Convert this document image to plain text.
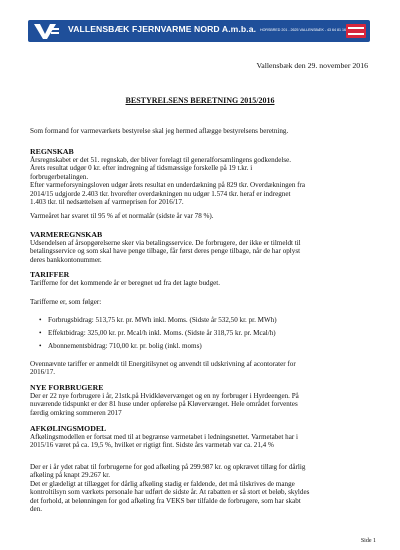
VALLENSBÆK FJERNVARME NORD A.m.b.a. HORSBRED 201 - 2625 VALLENSBÆK - 43 64 81 16
Vallensbæk den 29. november 2016
BESTYRELSENS BERETNING 2015/2016
Som formand for varmeværkets bestyrelse skal jeg hermed aflægge bestyrelsens beretning.
REGNSKAB
Årsregnskabet er det 51. regnskab, der bliver forelagt til generalforsamlingens godkendelse.
Årets resultat udgør 0 kr. efter indregning af tidsmæssige forskelle på 19 t.kr. i
forbrugerbetalingen.
Efter varmeforsyningsloven udgør årets resultat en underdækning på 829 tkr. Overdækningen fra
2014/15 udgjorde 2.403 tkr. hvorefter overdækningen nu udgør 1.574 tkr. heraf er indregnet
1.403 tkr. til nedsættelsen af varmeprisen for 2016/17.
Varmeåret har svaret til 95 % af et normalår (sidste år var 78 %).
VARMEREGNSKAB
Udsendelsen af årsopgørelserne sker via betalingsservice. De forbrugere, der ikke er tilmeldt til
betalingsservice og som skal have penge tilbage, får først deres penge tilbage, når de har oplyst
deres bankkontonummer.
TARIFFER
Tarifferne for det kommende år er beregnet ud fra det lagte budget.
Tarifferne er, som følger:
• Forbrugsbidrag: 513,75 kr. pr. MWh inkl. Moms. (Sidste år 532,50 kr. pr. MWh)
• Effektbidrag: 325,00 kr. pr. Mcal/h inkl. Moms. (Sidste år 318,75 kr. pr. Mcal/h)
• Abonnementsbidrag: 710,00 kr. pr. bolig (inkl. moms)
Ovennævnte tariffer er anmeldt til Energitilsynet og anvendt til udskrivning af acontorater for
2016/17.
NYE FORBRUGERE
Der er 22 nye forbrugere i år, 21stk.på Hvidkløvervænget og en ny forbruger i Hyrdeengen. På
nuværende tidspunkt er der 81 huse under opførelse på Kløvervænget. Hele området forventes
færdig omkring sommeren 2017
AFKØLINGSMODEL
Afkølingsmodellen er fortsat med til at begrænse varmetabet i ledningsnettet. Varmetabet har i
2015/16 været på ca. 19,5 %, hvilket er rigtigt fint. Sidste års varmetab var ca. 21,4 %
Der er i år ydet rabat til forbrugerne for god afkøling på 299.987 kr. og opkrævet tillæg for dårlig
afkøling på knapt 29.267 kr.
Det er glædeligt at tillægget for dårlig afkøling stadig er faldende, det må tilskrives de mange
kontroltilsyn som værkets personale har udført de sidste år. At rabatten er så stort et beløb, skyldes
det forhold, at belønningen for god afkøling fra VEKS bør tilfalde de forbrugere, som har skabt
den.
Side 1
